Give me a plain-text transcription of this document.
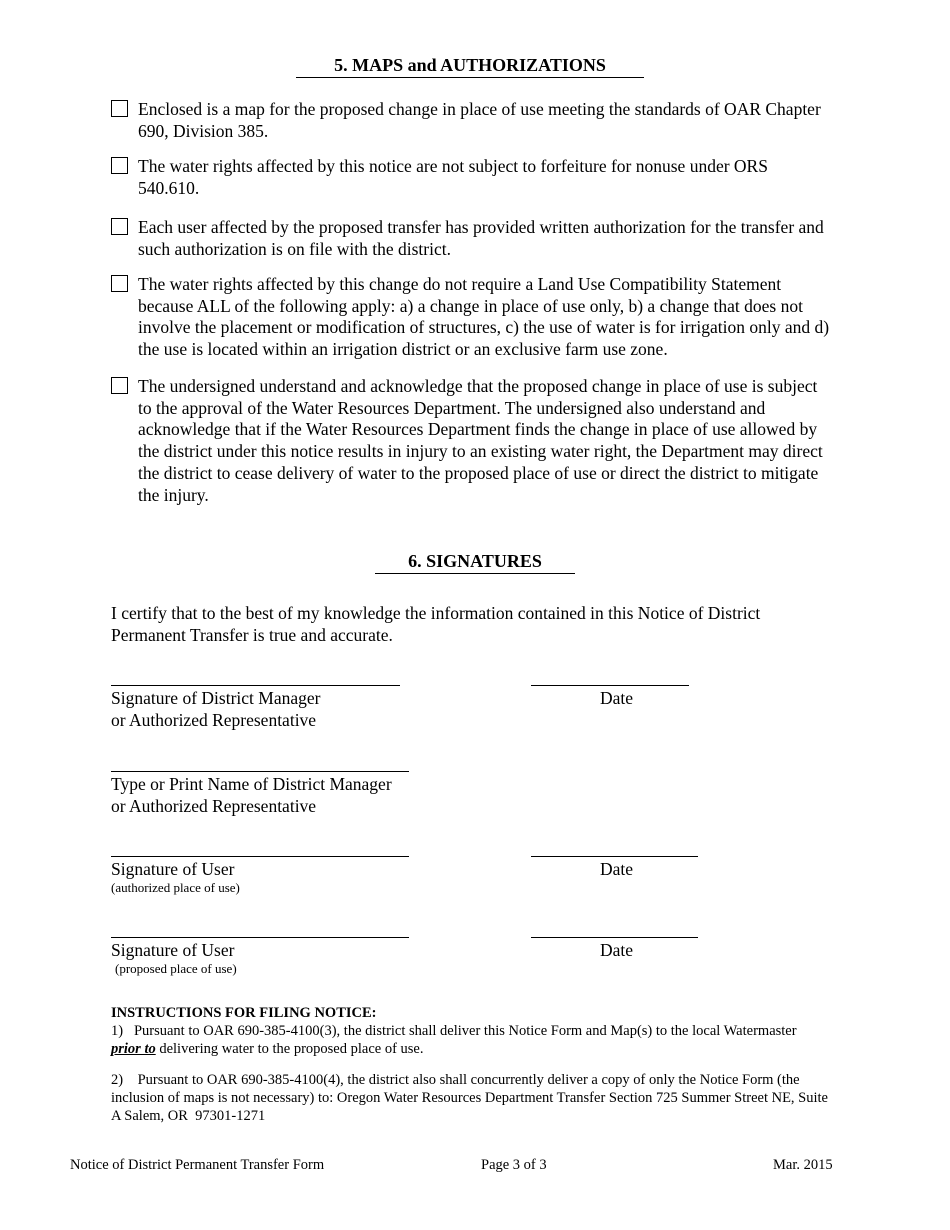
5. MAPS and AUTHORIZATIONS
Enclosed is a map for the proposed change in place of use meeting the standards of OAR Chapter 690, Division 385.
The water rights affected by this notice are not subject to forfeiture for nonuse under ORS 540.610.
Each user affected by the proposed transfer has provided written authorization for the transfer and such authorization is on file with the district.
The water rights affected by this change do not require a Land Use Compatibility Statement because ALL of the following apply: a) a change in place of use only, b) a change that does not involve the placement or modification of structures, c) the use of water is for irrigation only and d) the use is located within an irrigation district or an exclusive farm use zone.
The undersigned understand and acknowledge that the proposed change in place of use is subject to the approval of the Water Resources Department. The undersigned also understand and acknowledge that if the Water Resources Department finds the change in place of use allowed by the district under this notice results in injury to an existing water right, the Department may direct the district to cease delivery of water to the proposed place of use or direct the district to mitigate the injury.
6. SIGNATURES
I certify that to the best of my knowledge the information contained in this Notice of District Permanent Transfer is true and accurate.
Signature of District Manager
or Authorized Representative
Date
Type or Print Name of District Manager
or Authorized Representative
Signature of User
(authorized place of use)
Date
Signature of User
(proposed place of use)
Date
INSTRUCTIONS FOR FILING NOTICE:
1)   Pursuant to OAR 690-385-4100(3), the district shall deliver this Notice Form and Map(s) to the local Watermaster prior to delivering water to the proposed place of use.
2)    Pursuant to OAR 690-385-4100(4), the district also shall concurrently deliver a copy of only the Notice Form (the inclusion of maps is not necessary) to: Oregon Water Resources Department Transfer Section 725 Summer Street NE, Suite A Salem, OR  97301-1271
Notice of District Permanent Transfer Form	Page 3 of 3	Mar. 2015
